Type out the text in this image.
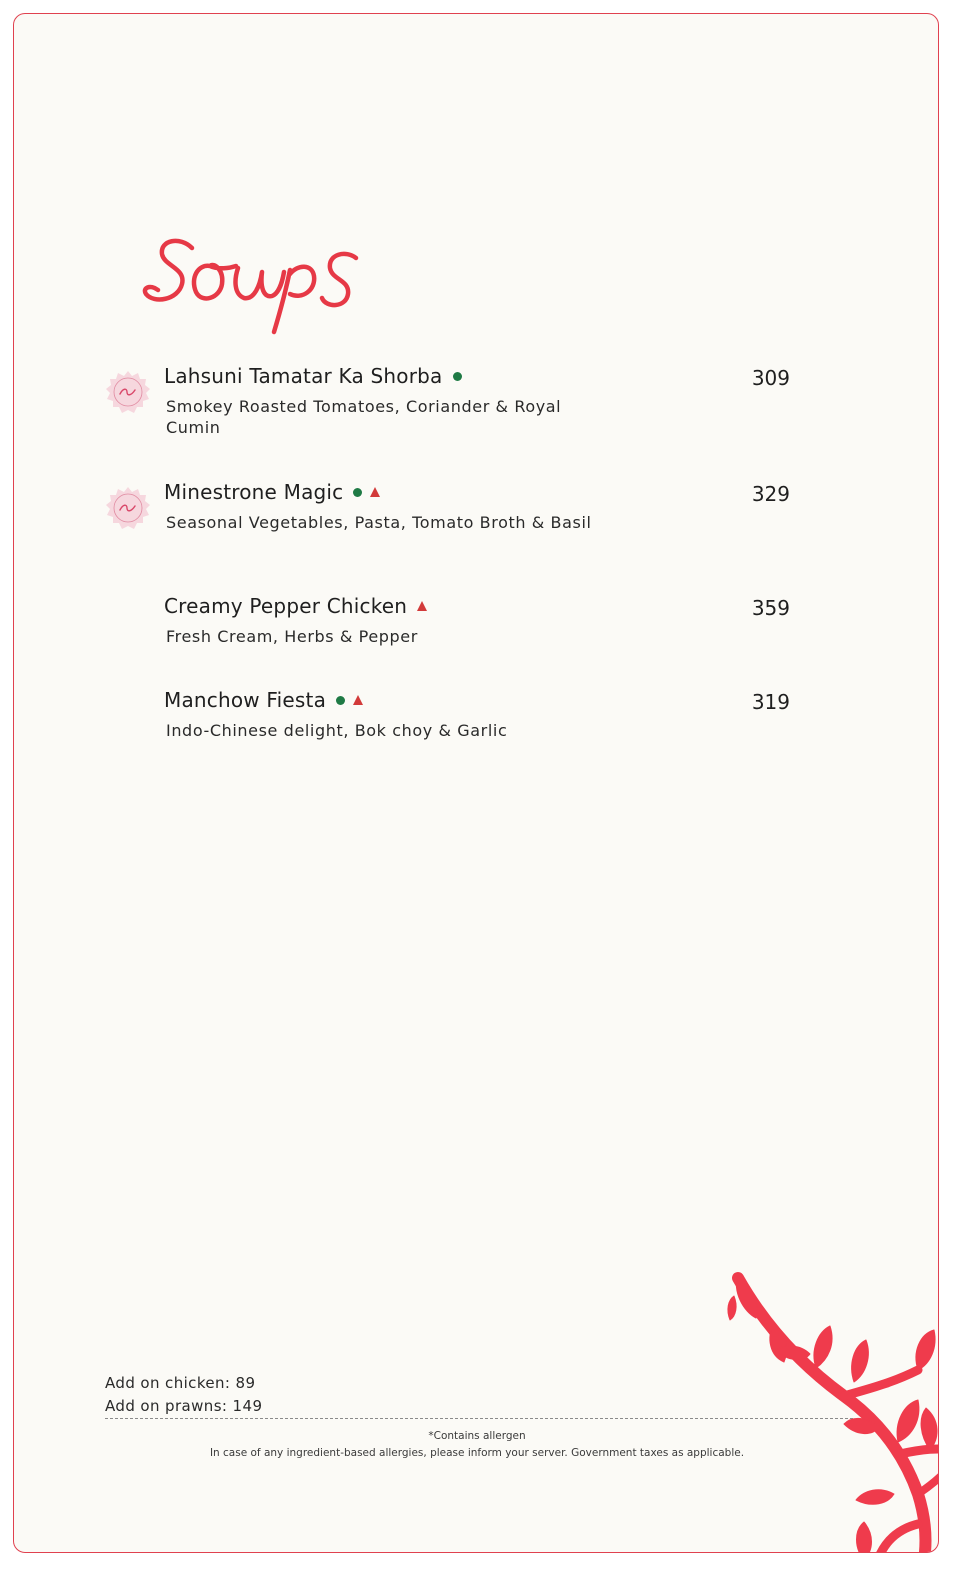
Lahsuni Tamatar Ka Shorba
Smokey Roasted Tomatoes, Coriander & Royal Cumin
309
Minestrone Magic
Seasonal Vegetables, Pasta, Tomato Broth & Basil
329
Creamy Pepper Chicken
Fresh Cream, Herbs & Pepper
359
Manchow Fiesta
Indo-Chinese delight, Bok choy & Garlic
319
Add on chicken: 89
Add on prawns: 149
*Contains allergen
In case of any ingredient-based allergies, please inform your server. Government taxes as applicable.
